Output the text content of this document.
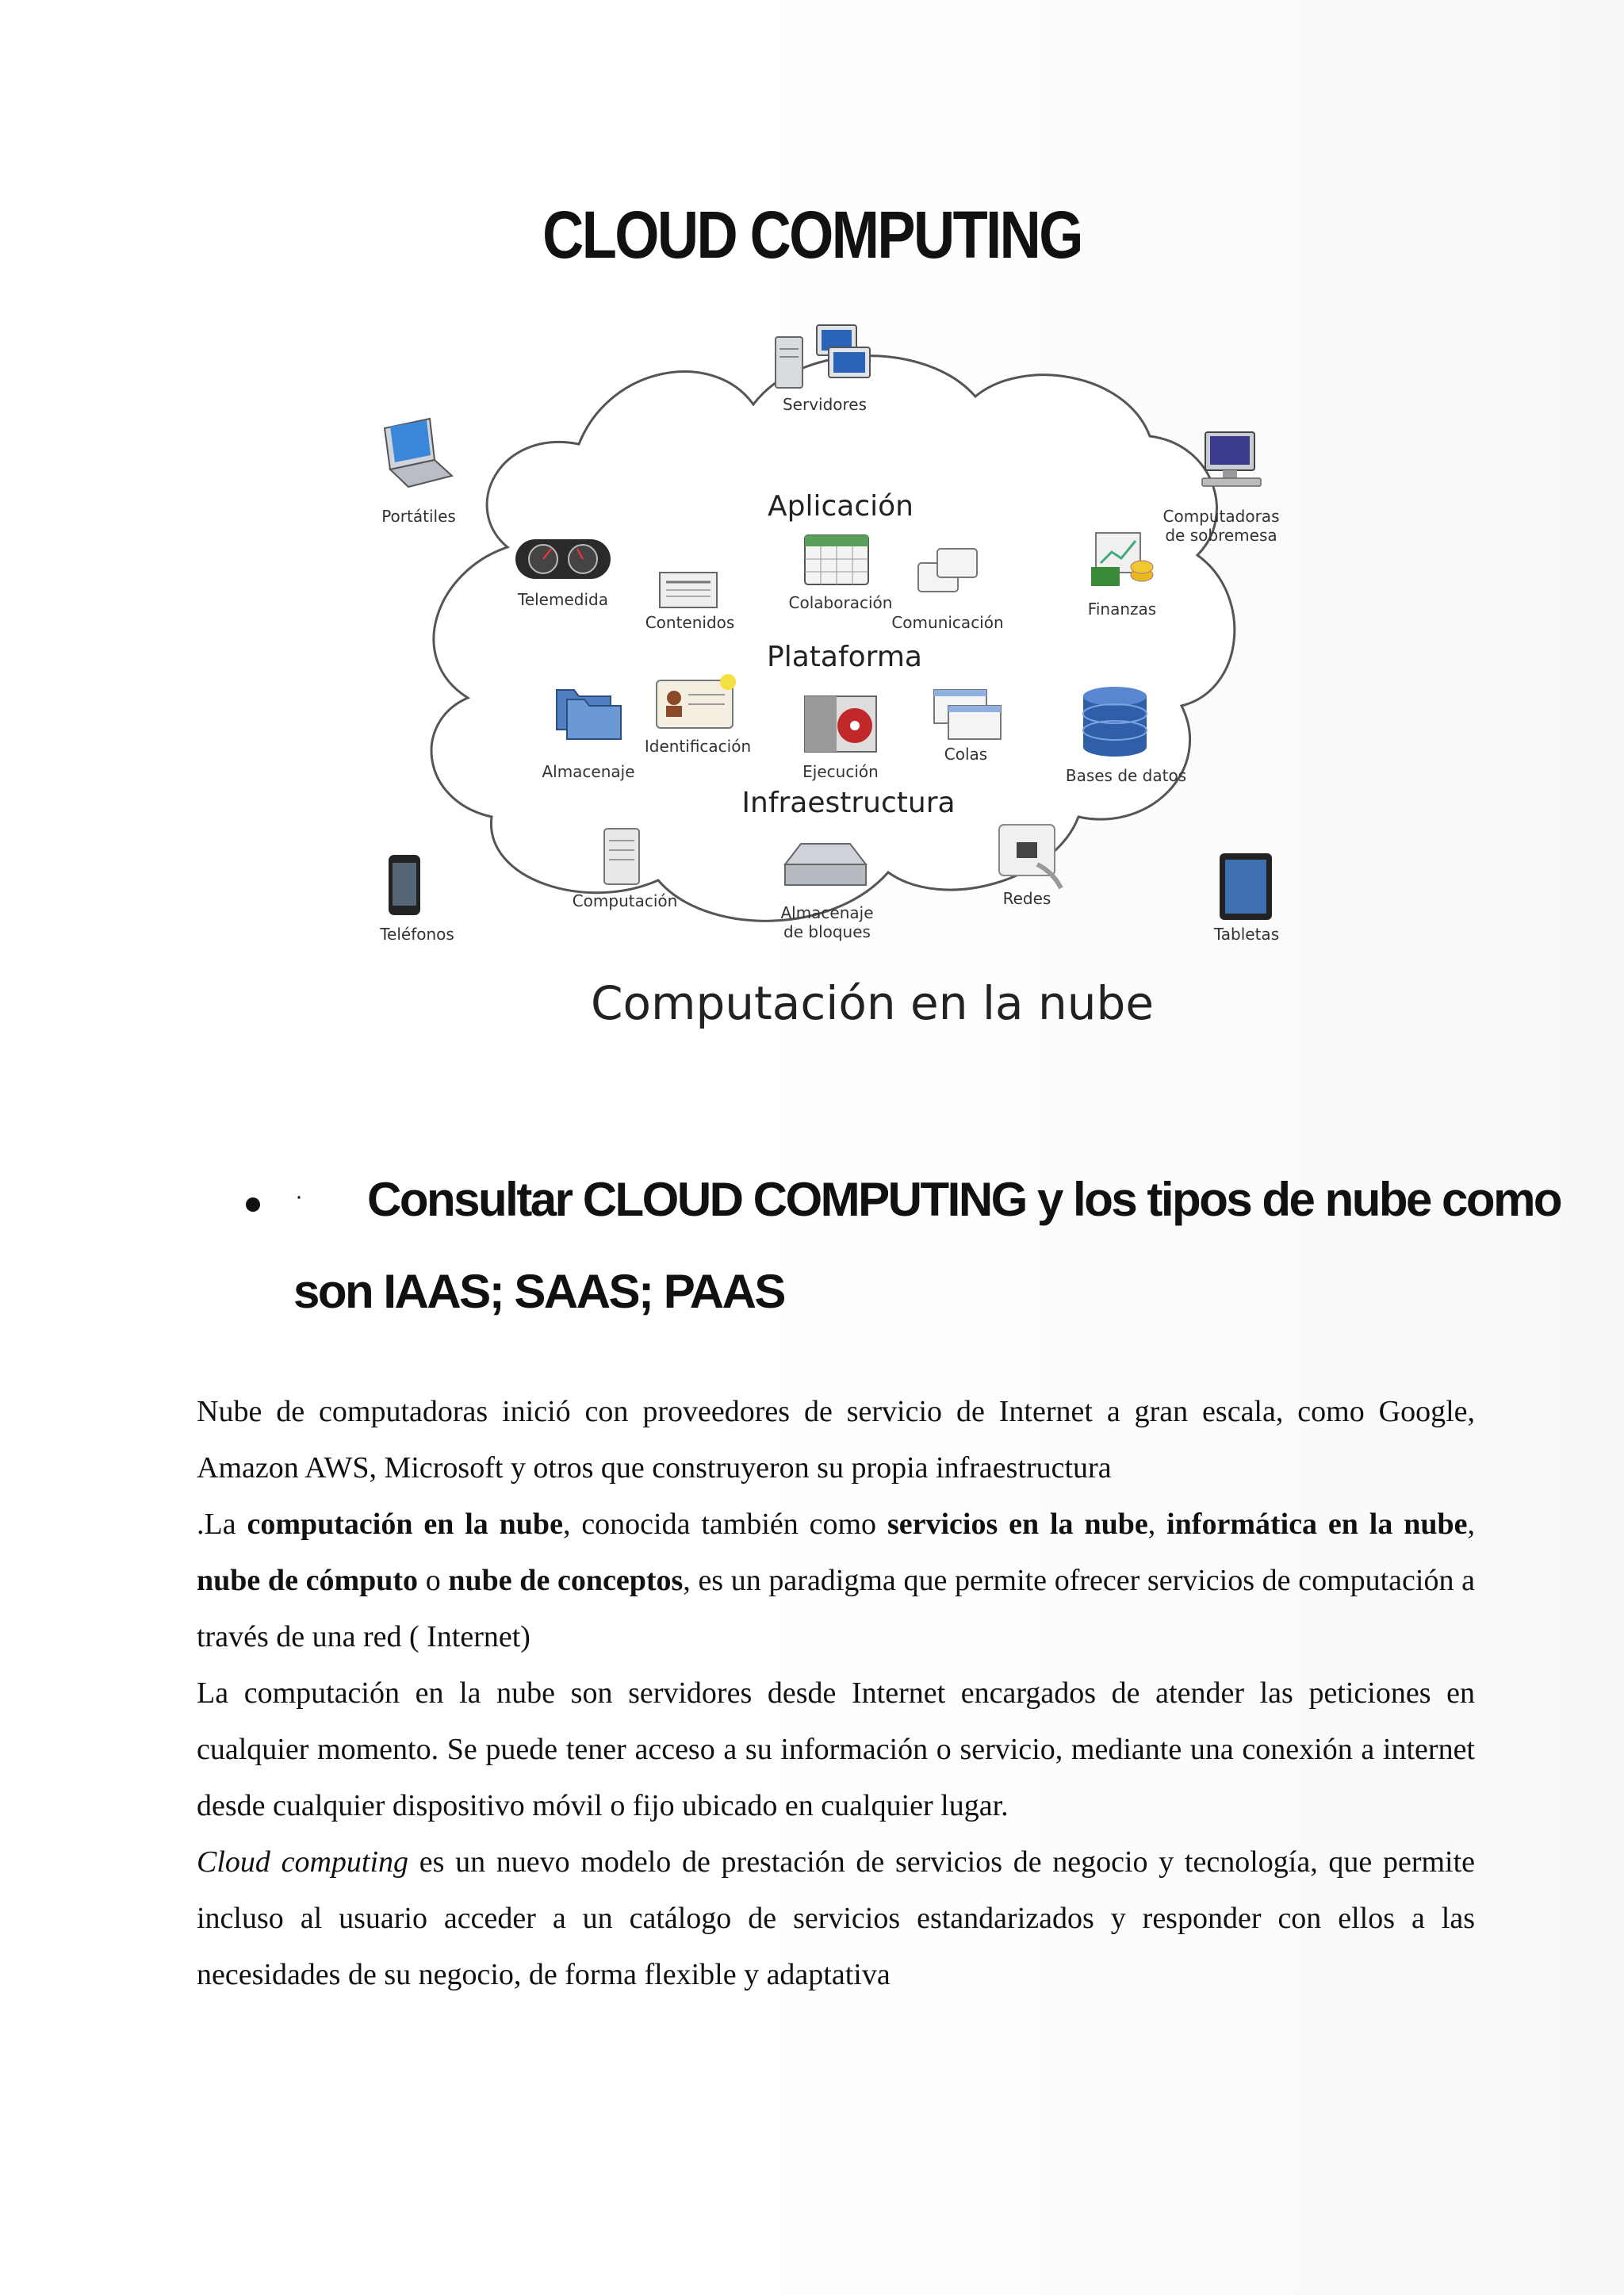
CLOUD COMPUTING
Servidores
Portátiles	Computadoras
de sobremesa
Teléfonos	Tabletas
Aplicación
Plataforma
Infraestructura
Telemedida
Contenidos
Colaboración
Comunicación
Finanzas
Almacenaje
Identificación
Ejecución
Colas
Bases de datos
Computación
Almacenaje
de bloques
Redes
Computación en la nube
·	Consultar CLOUD COMPUTING y los tipos de nube como
son IAAS; SAAS; PAAS

Nube de computadoras inició con proveedores de servicio de Internet a gran escala, como Google, Amazon AWS, Microsoft y otros que construyeron su propia infraestructura

.La computación en la nube, conocida también como servicios en la nube, informática en la nube, nube de cómputo o nube de conceptos, es un paradigma que permite ofrecer servicios de computación a través de una red ( Internet)

La computación en la nube son servidores desde Internet encargados de atender las peticiones en cualquier momento. Se puede tener acceso a su información o servicio, mediante una conexión a internet desde cualquier dispositivo móvil o fijo ubicado en cualquier lugar.

Cloud computing es un nuevo modelo de prestación de servicios de negocio y tecnología, que permite incluso al usuario acceder a un catálogo de servicios estandarizados y responder con ellos a las necesidades de su negocio, de forma flexible y adaptativa
